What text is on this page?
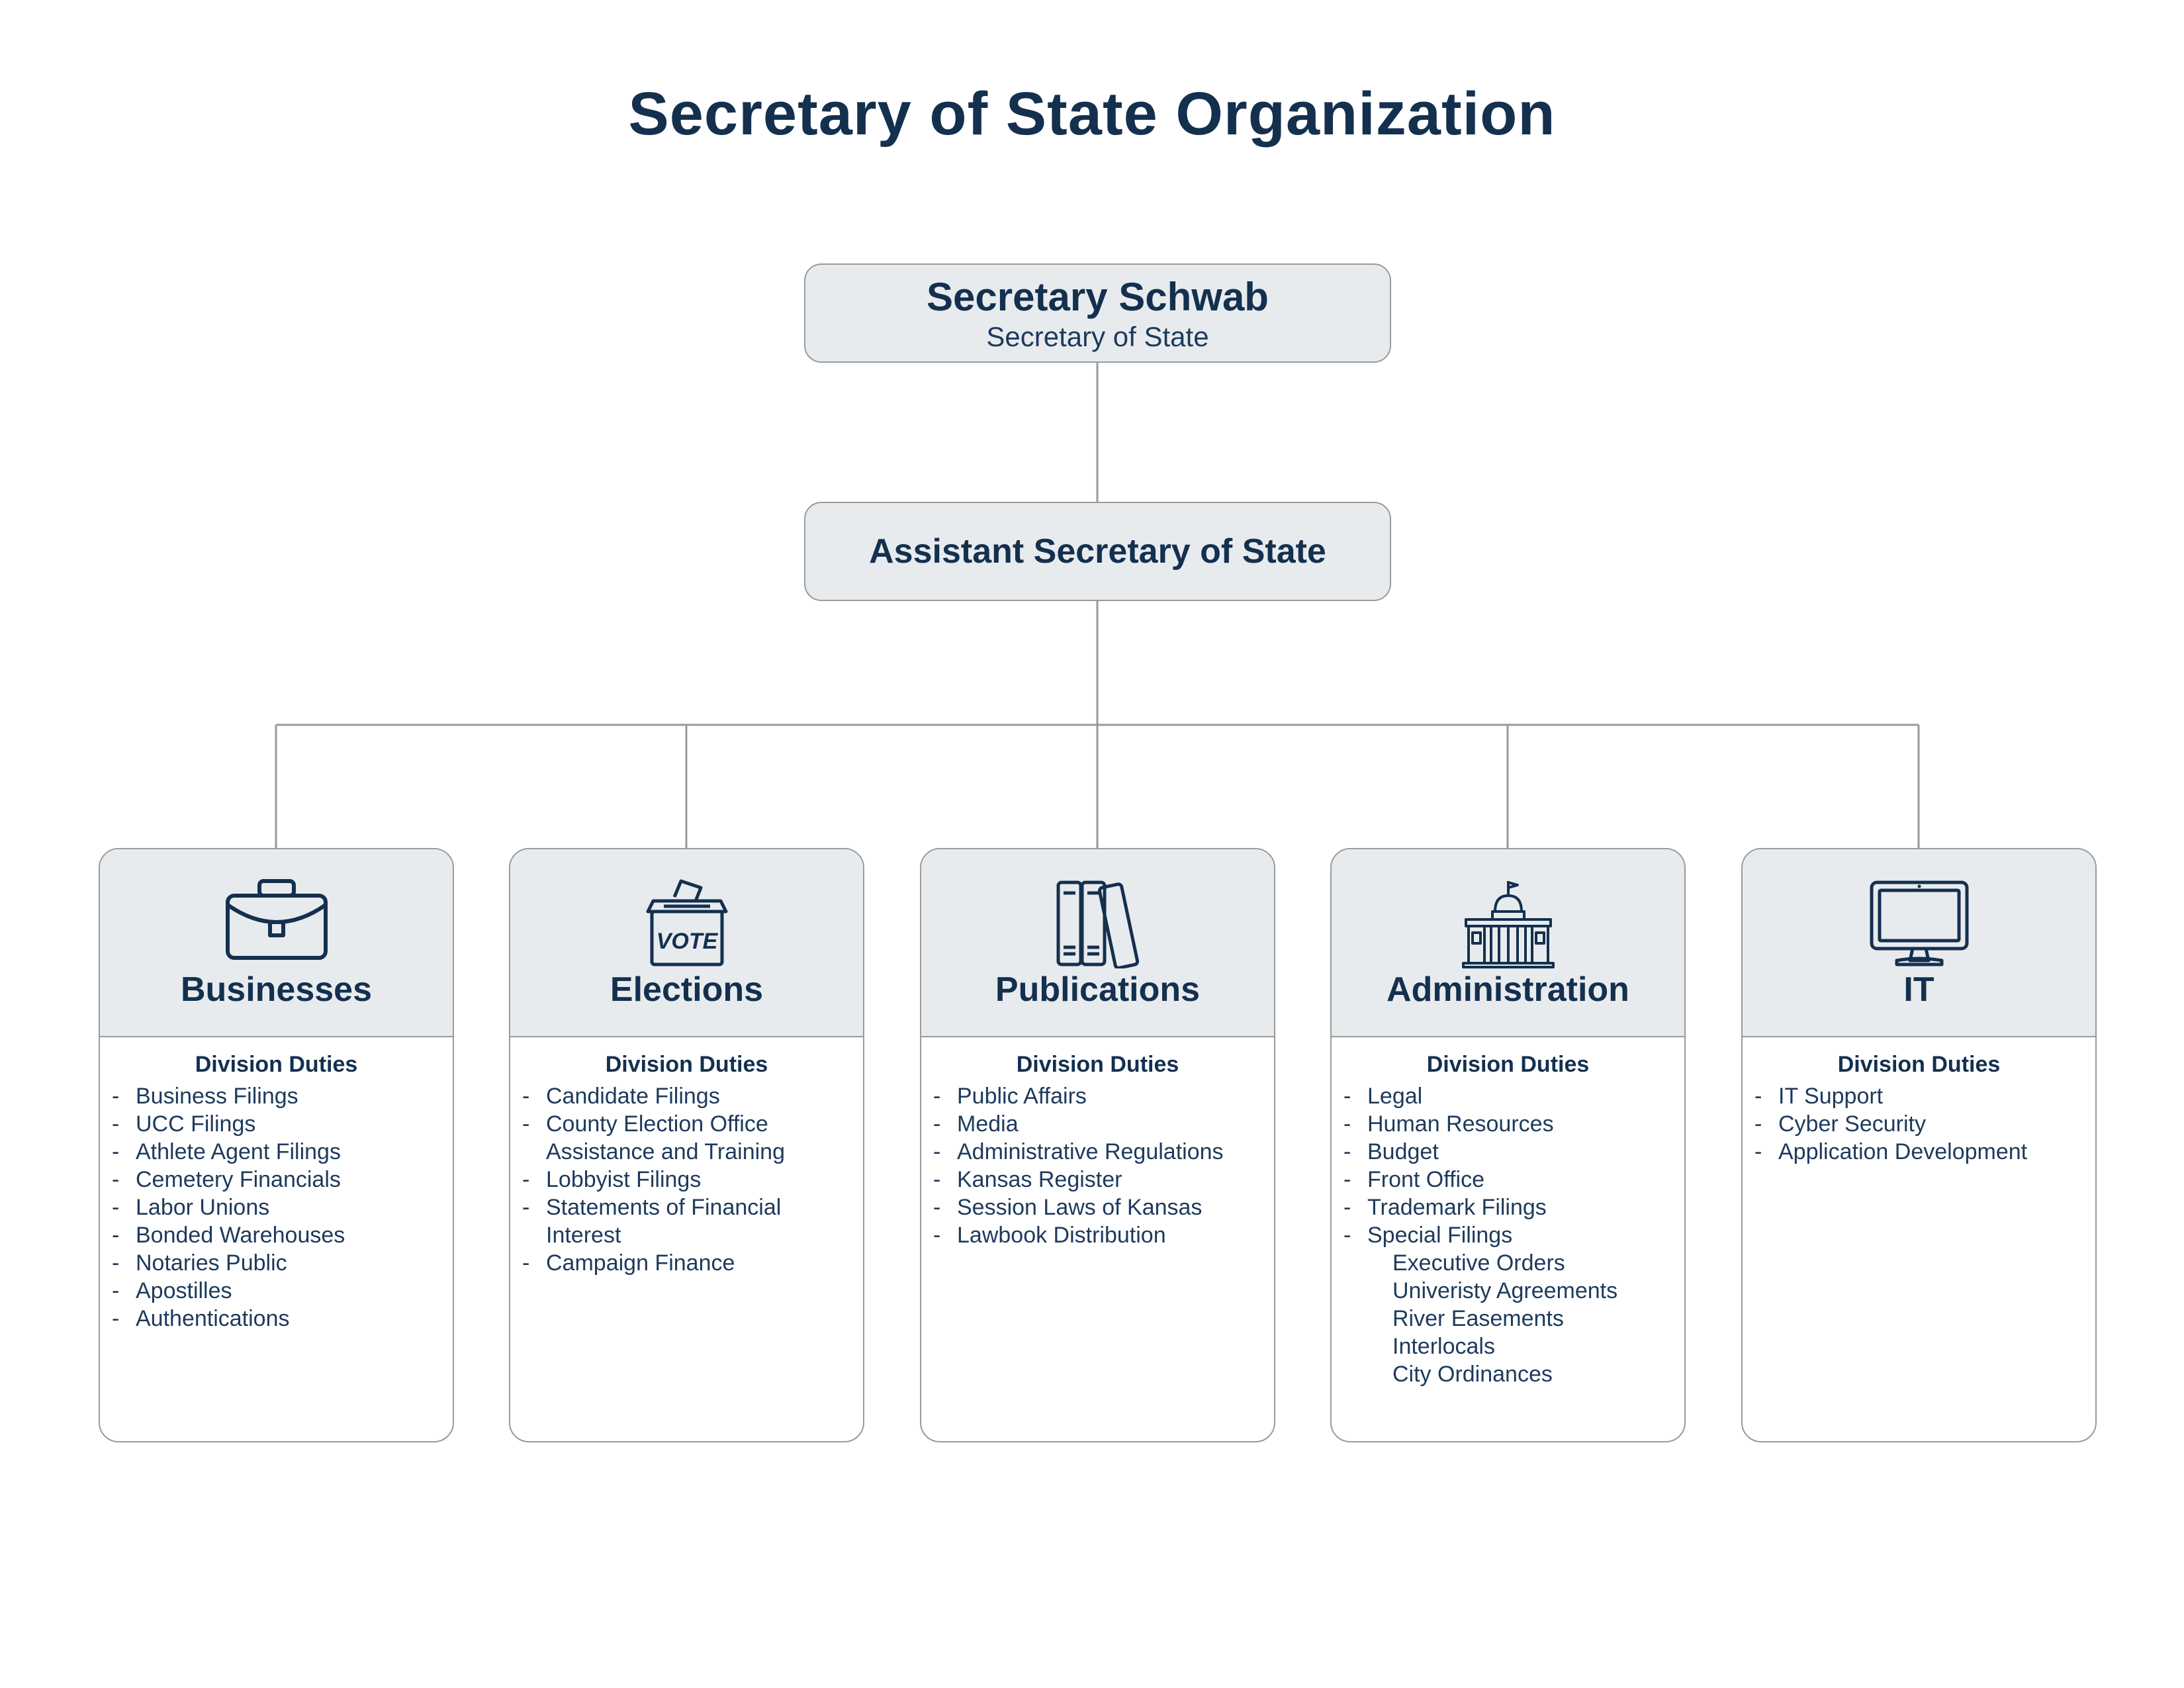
Secretary of State Organization
Secretary Schwab
Secretary of State
Assistant Secretary of State
Businesses
Division Duties
- Business Filings
- UCC Filings
- Athlete Agent Filings
- Cemetery Financials
- Labor Unions
- Bonded Warehouses
- Notaries Public
- Apostilles
- Authentications
VOTE
Elections
Division Duties
- Candidate Filings
- County Election Office
Assistance and Training
- Lobbyist Filings
- Statements of Financial
Interest
- Campaign Finance
Publications
Division Duties
- Public Affairs
- Media
- Administrative Regulations
- Kansas Register
- Session Laws of Kansas
- Lawbook Distribution
Administration
Division Duties
- Legal
- Human Resources
- Budget
- Front Office
- Trademark Filings
- Special Filings
Executive Orders
Univeristy Agreements
River Easements
Interlocals
City Ordinances
IT
Division Duties
- IT Support
- Cyber Security
- Application Development
